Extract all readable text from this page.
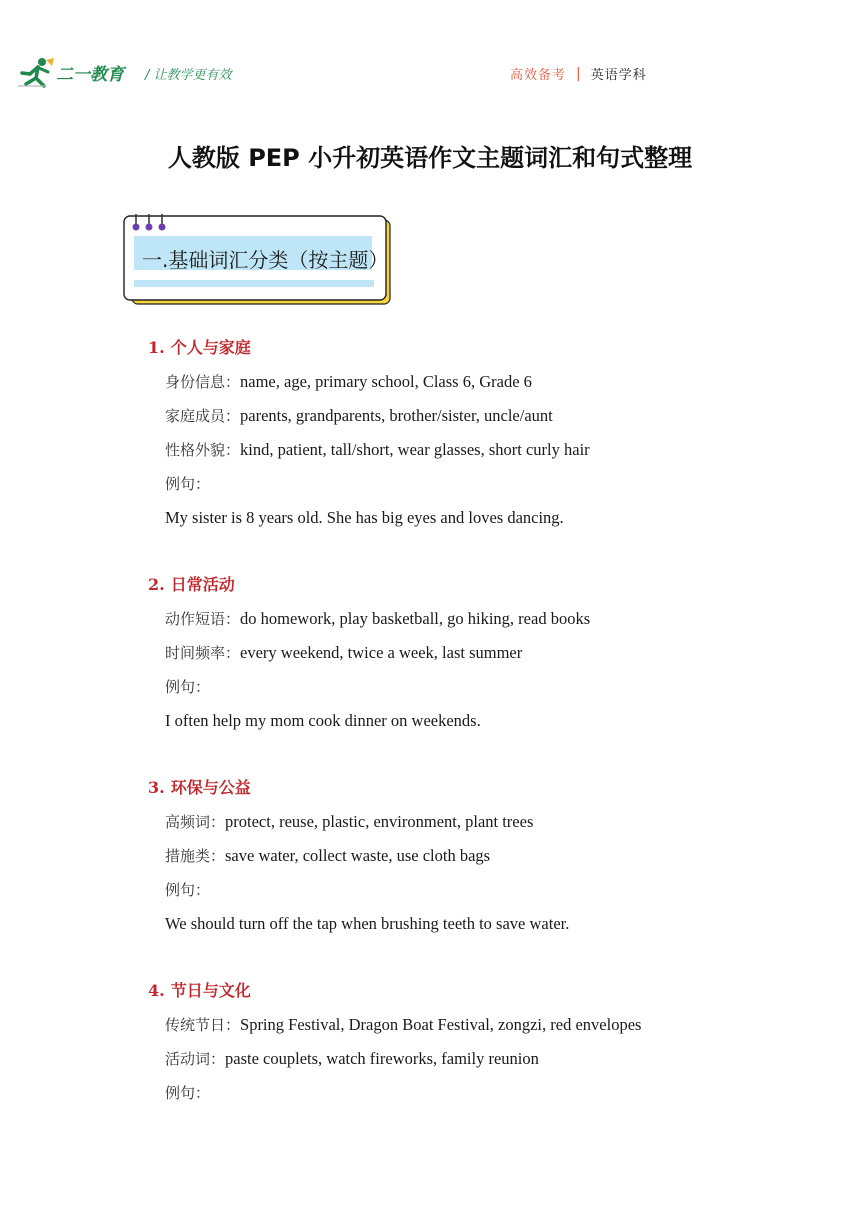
二一教育 / 让教学更有效	高效备考 | 英语学科
人教版 PEP 小升初英语作文主题词汇和句式整理
一.基础词汇分类（按主题）
1. 个人与家庭
身份信息：name, age, primary school, Class 6, Grade 6
家庭成员：parents, grandparents, brother/sister, uncle/aunt
性格外貌：kind, patient, tall/short, wear glasses, short curly hair
例句：
My sister is 8 years old. She has big eyes and loves dancing.
2. 日常活动
动作短语：do homework, play basketball, go hiking, read books
时间频率：every weekend, twice a week, last summer
例句：
I often help my mom cook dinner on weekends.
3. 环保与公益
高频词：protect, reuse, plastic, environment, plant trees
措施类：save water, collect waste, use cloth bags
例句：
We should turn off the tap when brushing teeth to save water.
4. 节日与文化
传统节日：Spring Festival, Dragon Boat Festival, zongzi, red envelopes
活动词：paste couplets, watch fireworks, family reunion
例句：
